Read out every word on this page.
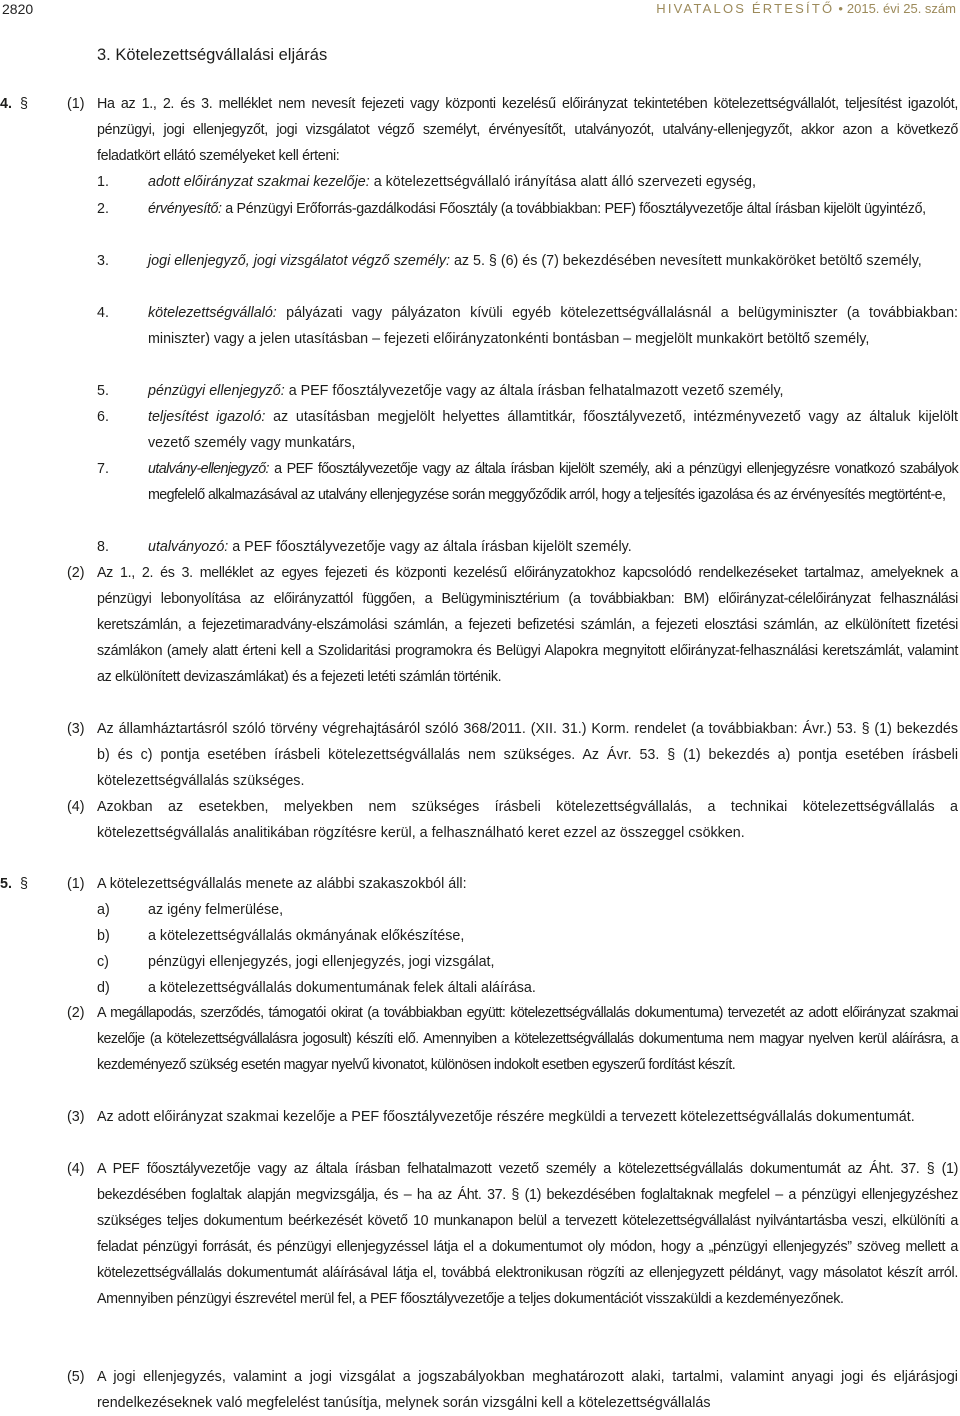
2820	HIVATALOS ÉRTESÍTŐ • 2015. évi 25. szám
3. Kötelezettségvállalási eljárás
4. §	(1) Ha az 1., 2. és 3. melléklet nem nevesít fejezeti vagy központi kezelésű előirányzat tekintetében kötelezettségvállalót, teljesítést igazolót, pénzügyi, jogi ellenjegyzőt, jogi vizsgálatot végző személyt, érvényesítőt, utalványozót, utalvány-ellenjegyzőt, akkor azon a következő feladatkört ellátó személyeket kell érteni:
1.	adott előirányzat szakmai kezelője: a kötelezettségvállaló irányítása alatt álló szervezeti egység,
2.	érvényesítő: a Pénzügyi Erőforrás-gazdálkodási Főosztály (a továbbiakban: PEF) főosztályvezetője által írásban kijelölt ügyintéző,
3.	jogi ellenjegyző, jogi vizsgálatot végző személy: az 5. § (6) és (7) bekezdésében nevesített munkaköröket betöltő személy,
4.	kötelezettségvállaló: pályázati vagy pályázaton kívüli egyéb kötelezettségvállalásnál a belügyminiszter (a továbbiakban: miniszter) vagy a jelen utasításban – fejezeti előirányzatonkénti bontásban – megjelölt munkakört betöltő személy,
5.	pénzügyi ellenjegyző: a PEF főosztályvezetője vagy az általa írásban felhatalmazott vezető személy,
6.	teljesítést igazoló: az utasításban megjelölt helyettes államtitkár, főosztályvezető, intézményvezető vagy az általuk kijelölt vezető személy vagy munkatárs,
7.	utalvány-ellenjegyző: a PEF főosztályvezetője vagy az általa írásban kijelölt személy, aki a pénzügyi ellenjegyzésre vonatkozó szabályok megfelelő alkalmazásával az utalvány ellenjegyzése során meggyőződik arról, hogy a teljesítés igazolása és az érvényesítés megtörtént-e,
8.	utalványozó: a PEF főosztályvezetője vagy az általa írásban kijelölt személy.
(2) Az 1., 2. és 3. melléklet az egyes fejezeti és központi kezelésű előirányzatokhoz kapcsolódó rendelkezéseket tartalmaz, amelyeknek a pénzügyi lebonyolítása az előirányzattól függően, a Belügyminisztérium (a továbbiakban: BM) előirányzat-célelőirányzat felhasználási keretszámlán, a fejezetimaradvány-elszámolási számlán, a fejezeti befizetési számlán, a fejezeti elosztási számlán, az elkülönített fizetési számlákon (amely alatt érteni kell a Szolidaritási programokra és Belügyi Alapokra megnyitott előirányzat-felhasználási keretszámlát, valamint az elkülönített devizaszámlákat) és a fejezeti letéti számlán történik.
(3) Az államháztartásról szóló törvény végrehajtásáról szóló 368/2011. (XII. 31.) Korm. rendelet (a továbbiakban: Ávr.) 53. § (1) bekezdés b) és c) pontja esetében írásbeli kötelezettségvállalás nem szükséges. Az Ávr. 53. § (1) bekezdés a) pontja esetében írásbeli kötelezettségvállalás szükséges.
(4) Azokban az esetekben, melyekben nem szükséges írásbeli kötelezettségvállalás, a technikai kötelezettségvállalás a kötelezettségvállalás analitikában rögzítésre kerül, a felhasználható keret ezzel az összeggel csökken.
5. §	(1) A kötelezettségvállalás menete az alábbi szakaszokból áll:
a)	az igény felmerülése,
b)	a kötelezettségvállalás okmányának előkészítése,
c)	pénzügyi ellenjegyzés, jogi ellenjegyzés, jogi vizsgálat,
d)	a kötelezettségvállalás dokumentumának felek általi aláírása.
(2) A megállapodás, szerződés, támogatói okirat (a továbbiakban együtt: kötelezettségvállalás dokumentuma) tervezetét az adott előirányzat szakmai kezelője (a kötelezettségvállalásra jogosult) készíti elő. Amennyiben a kötelezettségvállalás dokumentuma nem magyar nyelven kerül aláírásra, a kezdeményező szükség esetén magyar nyelvű kivonatot, különösen indokolt esetben egyszerű fordítást készít.
(3) Az adott előirányzat szakmai kezelője a PEF főosztályvezetője részére megküldi a tervezett kötelezettségvállalás dokumentumát.
(4) A PEF főosztályvezetője vagy az általa írásban felhatalmazott vezető személy a kötelezettségvállalás dokumentumát az Áht. 37. § (1) bekezdésében foglaltak alapján megvizsgálja, és – ha az Áht. 37. § (1) bekezdésében foglaltaknak megfelel – a pénzügyi ellenjegyzéshez szükséges teljes dokumentum beérkezését követő 10 munkanapon belül a tervezett kötelezettségvállalást nyilvántartásba veszi, elkülöníti a feladat pénzügyi forrását, és pénzügyi ellenjegyzéssel látja el a dokumentumot oly módon, hogy a „pénzügyi ellenjegyzés” szöveg mellett a kötelezettségvállalás dokumentumát aláírásával látja el, továbbá elektronikusan rögzíti az ellenjegyzett példányt, vagy másolatot készít arról. Amennyiben pénzügyi észrevétel merül fel, a PEF főosztályvezetője a teljes dokumentációt visszaküldi a kezdeményezőnek.
(5) A jogi ellenjegyzés, valamint a jogi vizsgálat a jogszabályokban meghatározott alaki, tartalmi, valamint anyagi jogi és eljárásjogi rendelkezéseknek való megfelelést tanúsítja, melynek során vizsgálni kell a kötelezettségvállalás
